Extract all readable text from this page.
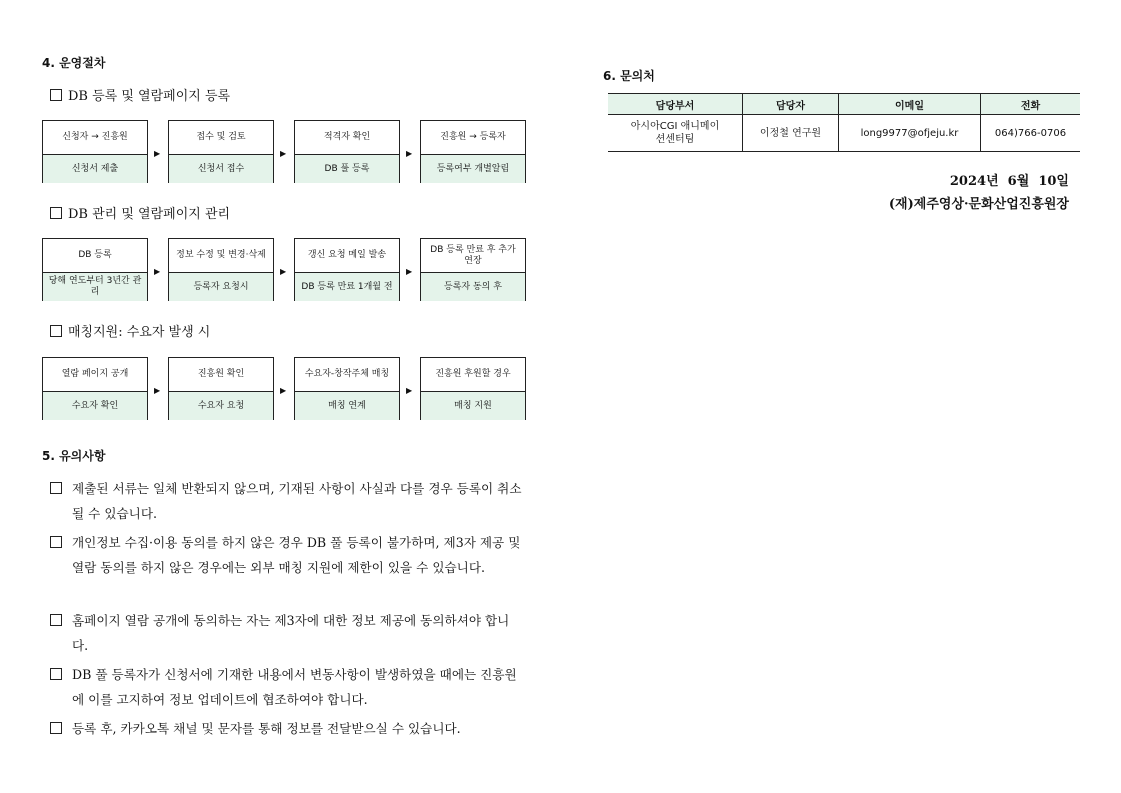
4. 운영절차
DB 등록 및 열람페이지 등록
신청자 → 진흥원
신청서 제출
▶
접수 및 검토
신청서 접수
▶
적격자 확인
DB 풀 등록
▶
진흥원 → 등록자
등록여부 개별알림
DB 관리 및 열람페이지 관리
DB 등록
당해 연도부터 3년간 관리
▶
정보 수정 및 변경·삭제
등록자 요청시
▶
갱신 요청 메일 발송
DB 등록 만료 1개월 전
▶
DB 등록 만료 후 추가 연장
등록자 동의 후
매칭지원: 수요자 발생 시
열람 페이지 공개
수요자 확인
▶
진흥원 확인
수요자 요청
▶
수요자-창작주체 매칭
매칭 연계
▶
진흥원 후원할 경우
매칭 지원
5. 유의사항
제출된 서류는 일체 반환되지 않으며, 기재된 사항이 사실과 다를 경우 등록이 취소될 수 있습니다.
개인정보 수집·이용 동의를 하지 않은 경우 DB 풀 등록이 불가하며, 제3자 제공 및 열람 동의를 하지 않은 경우에는 외부 매칭 지원에 제한이 있을 수 있습니다.
홈페이지 열람 공개에 동의하는 자는 제3자에 대한 정보 제공에 동의하셔야 합니다.
DB 풀 등록자가 신청서에 기재한 내용에서 변동사항이 발생하였을 때에는 진흥원에 이를 고지하여 정보 업데이트에 협조하여야 합니다.
등록 후, 카카오톡 채널 및 문자를 통해 정보를 전달받으실 수 있습니다.
6. 문의처
담당부서	담당자	이메일	전화
아시아CGI 애니메이션센터팀	이정철 연구원	long9977@ofjeju.kr	064)766-0706
2024년  6월  10일
(재)제주영상·문화산업진흥원장
